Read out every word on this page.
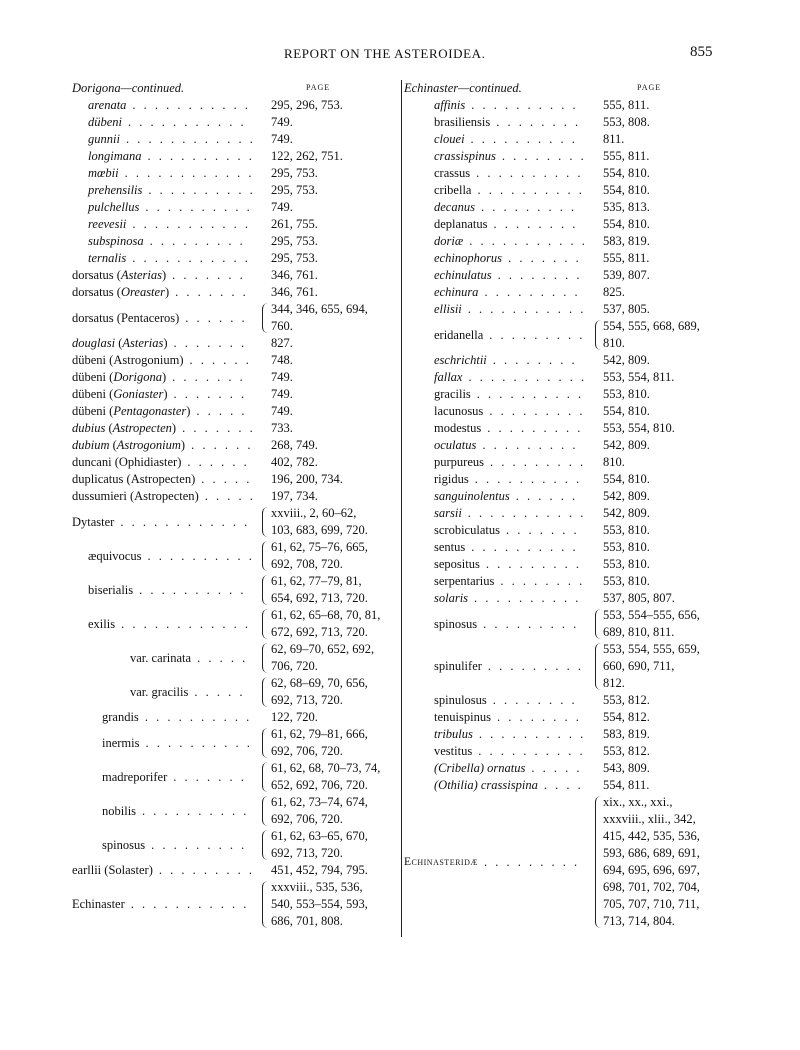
REPORT ON THE ASTEROIDEA.	855
Dorigona—continued.	PAGE
arenata . . . . . . . . . . . 295, 296, 753.
dübeni . . . . . . . . . . . 749.
gunnii . . . . . . . . . . . . 749.
longimana . . . . . . . . . . 122, 262, 751.
mœbii . . . . . . . . . . . . 295, 753.
prehensilis . . . . . . . . . . 295, 753.
pulchellus . . . . . . . . . . 749.
reevesii . . . . . . . . . . . 261, 755.
subspinosa . . . . . . . . . 295, 753.
ternalis . . . . . . . . . . . 295, 753.
dorsatus (Asterias) . . . . . . . 346, 761.
dorsatus (Oreaster) . . . . . . . 346, 761.
dorsatus (Pentaceros) . . . . . .
344, 346, 655, 694,
760.
douglasi (Asterias) . . . . . . . 827.
dübeni (Astrogonium) . . . . . . 748.
dübeni (Dorigona) . . . . . . . 749.
dübeni (Goniaster) . . . . . . . 749.
dübeni (Pentagonaster) . . . . . 749.
dubius (Astropecten) . . . . . . . 733.
dubium (Astrogonium) . . . . . . 268, 749.
duncani (Ophidiaster) . . . . . . 402, 782.
duplicatus (Astropecten) . . . . . 196, 200, 734.
dussumieri (Astropecten) . . . . . 197, 734.
Dytaster . . . . . . . . . . . .
xxviii., 2, 60–62,
103, 683, 699, 720.
æquivocus . . . . . . . . . .
61, 62, 75–76, 665,
692, 708, 720.
biserialis . . . . . . . . . .
61, 62, 77–79, 81,
654, 692, 713, 720.
exilis . . . . . . . . . . . .
61, 62, 65–68, 70, 81,
672, 692, 713, 720.
var. carinata . . . . .
62, 69–70, 652, 692,
706, 720.
var. gracilis . . . . .
62, 68–69, 70, 656,
692, 713, 720.
grandis . . . . . . . . . . 122, 720.
inermis . . . . . . . . . .
61, 62, 79–81, 666,
692, 706, 720.
madreporifer . . . . . . .
61, 62, 68, 70–73, 74,
652, 692, 706, 720.
nobilis . . . . . . . . . .
61, 62, 73–74, 674,
692, 706, 720.
spinosus . . . . . . . . .
61, 62, 63–65, 670,
692, 713, 720.
earllii (Solaster) . . . . . . . . . 451, 452, 794, 795.
Echinaster . . . . . . . . . . .
xxxviii., 535, 536,
540, 553–554, 593,
686, 701, 808.
Echinaster—continued.	PAGE
affinis . . . . . . . . . . 555, 811.
brasiliensis . . . . . . . . 553, 808.
clouei . . . . . . . . . . 811.
crassispinus . . . . . . . . 555, 811.
crassus . . . . . . . . . . 554, 810.
cribella . . . . . . . . . . 554, 810.
decanus . . . . . . . . . 535, 813.
deplanatus . . . . . . . . 554, 810.
doriæ . . . . . . . . . . . 583, 819.
echinophorus . . . . . . . 555, 811.
echinulatus . . . . . . . . 539, 807.
echinura . . . . . . . . . 825.
ellisii . . . . . . . . . . . 537, 805.
eridanella . . . . . . . . .
554, 555, 668, 689,
810.
eschrichtii . . . . . . . . 542, 809.
fallax . . . . . . . . . . . 553, 554, 811.
gracilis . . . . . . . . . . 553, 810.
lacunosus . . . . . . . . . 554, 810.
modestus . . . . . . . . . 553, 554, 810.
oculatus . . . . . . . . . 542, 809.
purpureus . . . . . . . . . 810.
rigidus . . . . . . . . . . 554, 810.
sanguinolentus . . . . . . 542, 809.
sarsii . . . . . . . . . . . 542, 809.
scrobiculatus . . . . . . . 553, 810.
sentus . . . . . . . . . . 553, 810.
sepositus . . . . . . . . . 553, 810.
serpentarius . . . . . . . . 553, 810.
solaris . . . . . . . . . . 537, 805, 807.
spinosus . . . . . . . . .
553, 554–555, 656,
689, 810, 811.
spinulifer . . . . . . . . .
553, 554, 555, 659,
660, 690, 711,
812.
spinulosus . . . . . . . . 553, 812.
tenuispinus . . . . . . . . 554, 812.
tribulus . . . . . . . . . . 583, 819.
vestitus . . . . . . . . . . 553, 812.
(Cribella) ornatus . . . . . 543, 809.
(Othilia) crassispina . . . . 554, 811.
Echinasteridæ . . . . . . . . .
xix., xx., xxi.,
xxxviii., xlii., 342,
415, 442, 535, 536,
593, 686, 689, 691,
694, 695, 696, 697,
698, 701, 702, 704,
705, 707, 710, 711,
713, 714, 804.
